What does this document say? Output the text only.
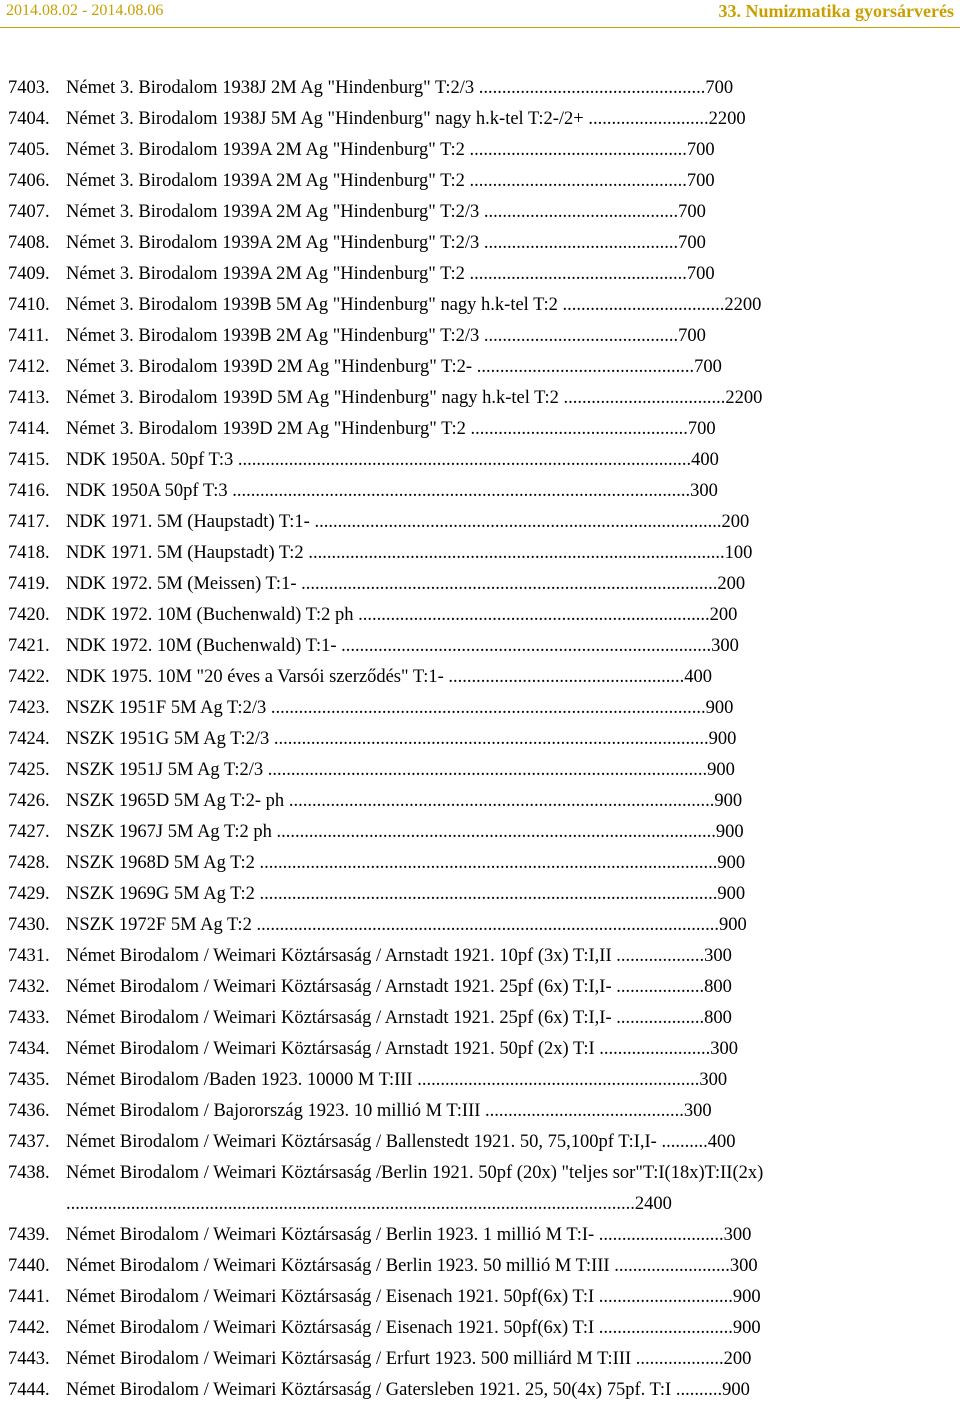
2014.08.02 - 2014.08.06	33. Numizmatika gyorsárverés
7403. Német 3. Birodalom 1938J 2M Ag "Hindenburg" T:2/3 .................................................700
7404. Német 3. Birodalom 1938J 5M Ag "Hindenburg" nagy h.k-tel T:2-/2+ ..........................2200
7405. Német 3. Birodalom 1939A 2M Ag "Hindenburg" T:2 ...............................................700
7406. Német 3. Birodalom 1939A 2M Ag "Hindenburg" T:2 ...............................................700
7407. Német 3. Birodalom 1939A 2M Ag "Hindenburg" T:2/3 ..........................................700
7408. Német 3. Birodalom 1939A 2M Ag "Hindenburg" T:2/3 ..........................................700
7409. Német 3. Birodalom 1939A 2M Ag "Hindenburg" T:2 ...............................................700
7410. Német 3. Birodalom 1939B 5M Ag "Hindenburg" nagy h.k-tel T:2 ...................................2200
7411. Német 3. Birodalom 1939B 2M Ag "Hindenburg" T:2/3 ..........................................700
7412. Német 3. Birodalom 1939D 2M Ag "Hindenburg" T:2- ...............................................700
7413. Német 3. Birodalom 1939D 5M Ag "Hindenburg" nagy h.k-tel T:2 ...................................2200
7414. Német 3. Birodalom 1939D 2M Ag "Hindenburg" T:2 ...............................................700
7415. NDK 1950A. 50pf T:3 ..................................................................................................400
7416. NDK 1950A 50pf T:3 ...................................................................................................300
7417. NDK 1971. 5M (Haupstadt) T:1- ........................................................................................200
7418. NDK 1971. 5M (Haupstadt) T:2 ..........................................................................................100
7419. NDK 1972. 5M (Meissen) T:1- ..........................................................................................200
7420. NDK 1972. 10M (Buchenwald) T:2 ph ............................................................................200
7421. NDK 1972. 10M (Buchenwald) T:1- ................................................................................300
7422. NDK 1975. 10M "20 éves a Varsói szerződés" T:1- ...................................................400
7423. NSZK 1951F 5M Ag T:2/3 ..............................................................................................900
7424. NSZK 1951G 5M Ag T:2/3 ..............................................................................................900
7425. NSZK 1951J 5M Ag T:2/3 ...............................................................................................900
7426. NSZK 1965D 5M Ag T:2- ph ............................................................................................900
7427. NSZK 1967J 5M Ag T:2 ph ...............................................................................................900
7428. NSZK 1968D 5M Ag T:2 ...................................................................................................900
7429. NSZK 1969G 5M Ag T:2 ...................................................................................................900
7430. NSZK 1972F 5M Ag T:2 ....................................................................................................900
7431. Német Birodalom / Weimari Köztársaság / Arnstadt 1921. 10pf (3x) T:I,II ...................300
7432. Német Birodalom / Weimari Köztársaság / Arnstadt 1921. 25pf (6x) T:I,I- ...................800
7433. Német Birodalom / Weimari Köztársaság / Arnstadt 1921. 25pf (6x) T:I,I- ...................800
7434. Német Birodalom / Weimari Köztársaság / Arnstadt 1921. 50pf (2x) T:I ........................300
7435. Német Birodalom /Baden 1923. 10000 M T:III .............................................................300
7436. Német Birodalom / Bajorország 1923. 10 millió M T:III ...........................................300
7437. Német Birodalom / Weimari Köztársaság / Ballenstedt 1921. 50, 75,100pf T:I,I- ..........400
7438. Német Birodalom / Weimari Köztársaság /Berlin 1921. 50pf (20x) "teljes sor"T:I(18x)T:II(2x)
...........................................................................................................................2400
7439. Német Birodalom / Weimari Köztársaság / Berlin 1923. 1 millió M T:I- ...........................300
7440. Német Birodalom / Weimari Köztársaság / Berlin 1923. 50 millió M T:III .........................300
7441. Német Birodalom / Weimari Köztársaság / Eisenach 1921. 50pf(6x) T:I .............................900
7442. Német Birodalom / Weimari Köztársaság / Eisenach 1921. 50pf(6x) T:I .............................900
7443. Német Birodalom / Weimari Köztársaság / Erfurt 1923. 500 milliárd M T:III ...................200
7444. Német Birodalom / Weimari Köztársaság / Gatersleben 1921. 25, 50(4x) 75pf. T:I ..........900
